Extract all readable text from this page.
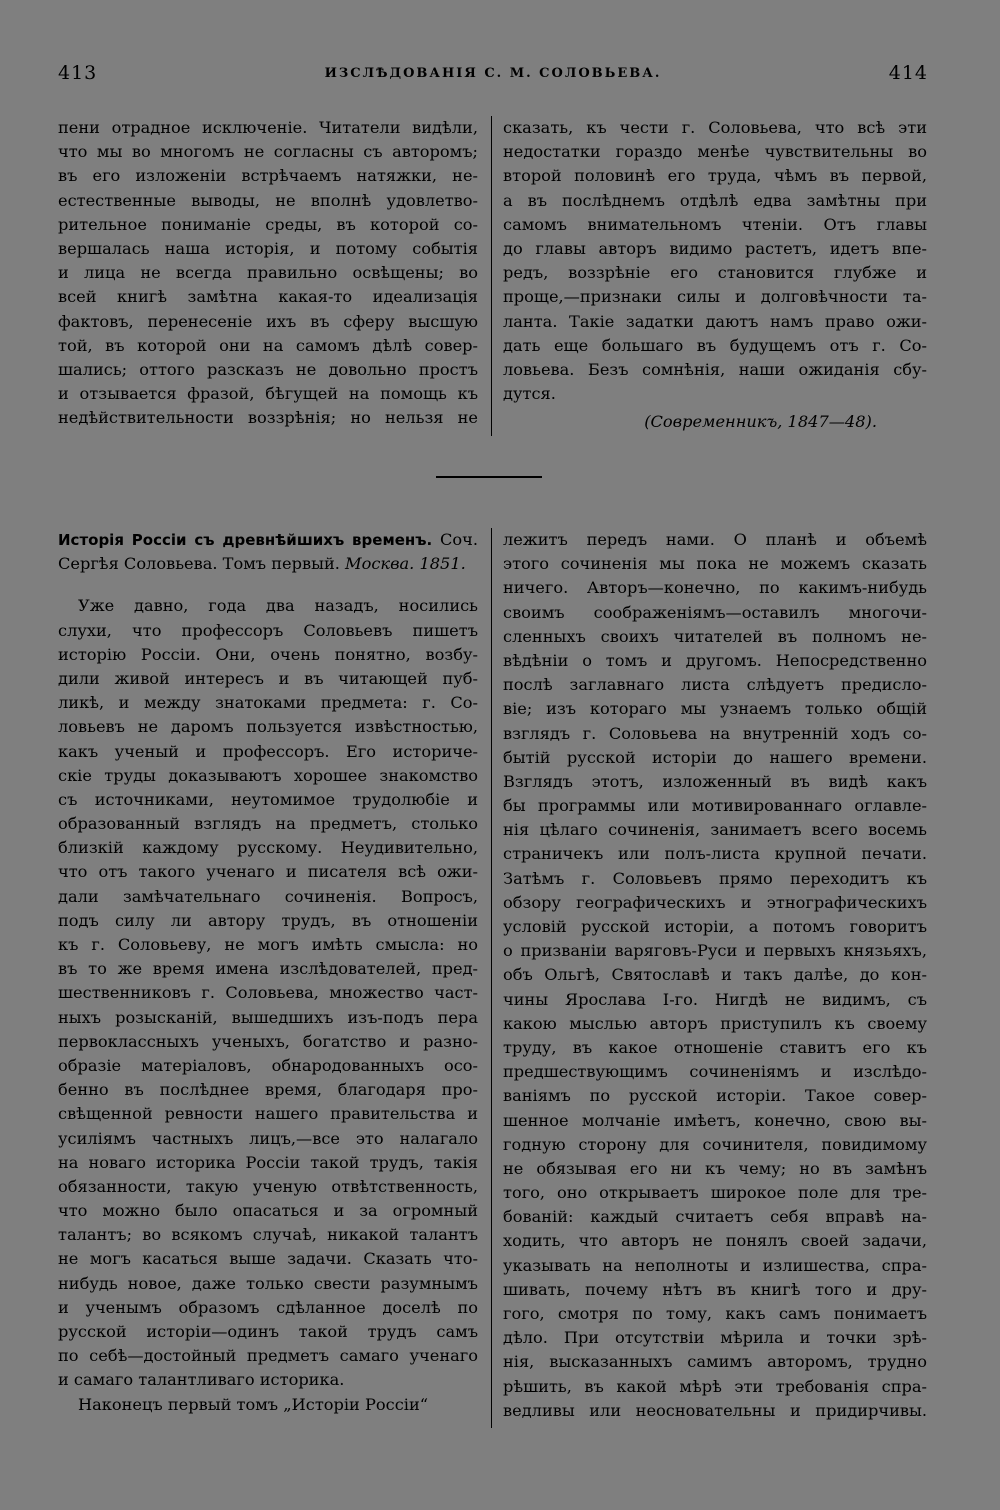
413	ИЗСЛѢДОВАНІЯ С. М. СОЛОВЬЕВА.	414
пени отрадное исключеніе. Читатели видѣли,
что мы во многомъ не согласны съ авторомъ;
въ его изложеніи встрѣчаемъ натяжки, не-
естественные выводы, не вполнѣ удовлетво-
рительное пониманіе среды, въ которой со-
вершалась наша исторія, и потому событія
и лица не всегда правильно освѣщены; во
всей книгѣ замѣтна какая-то идеализація
фактовъ, перенесеніе ихъ въ сферу высшую
той, въ которой они на самомъ дѣлѣ совер-
шались; оттого разсказъ не довольно простъ
и отзывается фразой, бѣгущей на помощь къ
недѣйствительности воззрѣнія; но нельзя не
сказать, къ чести г. Соловьева, что всѣ эти
недостатки гораздо менѣе чувствительны во
второй половинѣ его труда, чѣмъ въ первой,
а въ послѣднемъ отдѣлѣ едва замѣтны при
самомъ внимательномъ чтеніи. Отъ главы
до главы авторъ видимо растетъ, идетъ впе-
редъ, воззрѣніе его становится глубже и
проще,—признаки силы и долговѣчности та-
ланта. Такіе задатки даютъ намъ право ожи-
дать еще большаго въ будущемъ отъ г. Со-
ловьева. Безъ сомнѣнія, наши ожиданія сбу-
дутся.
(Современникъ, 1847—48).
Исторія Россіи съ древнѣйшихъ временъ. Соч.
Сергѣя Соловьева. Томъ первый. Москва. 1851.
Уже давно, года два назадъ, носились
слухи, что профессоръ Соловьевъ пишетъ
исторію Россіи. Они, очень понятно, возбу-
дили живой интересъ и въ читающей пуб-
ликѣ, и между знатоками предмета: г. Со-
ловьевъ не даромъ пользуется извѣстностью,
какъ ученый и профессоръ. Его историче-
скіе труды доказываютъ хорошее знакомство
съ источниками, неутомимое трудолюбіе и
образованный взглядъ на предметъ, столько
близкій каждому русскому. Неудивительно,
что отъ такого ученаго и писателя всѣ ожи-
дали замѣчательнаго сочиненія. Вопросъ,
подъ силу ли автору трудъ, въ отношеніи
къ г. Соловьеву, не могъ имѣть смысла: но
въ то же время имена изслѣдователей, пред-
шественниковъ г. Соловьева, множество част-
ныхъ розысканій, вышедшихъ изъ-подъ пера
первоклассныхъ ученыхъ, богатство и разно-
образіе матеріаловъ, обнародованныхъ осо-
бенно въ послѣднее время, благодаря про-
свѣщенной ревности нашего правительства и
усиліямъ частныхъ лицъ,—все это налагало
на новаго историка Россіи такой трудъ, такія
обязанности, такую ученую отвѣтственность,
что можно было опасаться и за огромный
талантъ; во всякомъ случаѣ, никакой талантъ
не могъ касаться выше задачи. Сказать что-
нибудь новое, даже только свести разумнымъ
и ученымъ образомъ сдѣланное доселѣ по
русской исторіи—одинъ такой трудъ самъ
по себѣ—достойный предметъ самаго ученаго
и самаго талантливаго историка.
Наконецъ первый томъ „Исторіи Россіи“
лежитъ передъ нами. О планѣ и объемѣ
этого сочиненія мы пока не можемъ сказать
ничего. Авторъ—конечно, по какимъ-нибудь
своимъ соображеніямъ—оставилъ многочи-
сленныхъ своихъ читателей въ полномъ не-
вѣдѣніи о томъ и другомъ. Непосредственно
послѣ заглавнаго листа слѣдуетъ предисло-
віе; изъ котораго мы узнаемъ только общій
взглядъ г. Соловьева на внутренній ходъ со-
бытій русской исторіи до нашего времени.
Взглядъ этотъ, изложенный въ видѣ какъ
бы программы или мотивированнаго оглавле-
нія цѣлаго сочиненія, занимаетъ всего восемь
страничекъ или полъ-листа крупной печати.
Затѣмъ г. Соловьевъ прямо переходитъ къ
обзору географическихъ и этнографическихъ
условій русской исторіи, а потомъ говоритъ
о призваніи варяговъ-Руси и первыхъ князьяхъ,
объ Ольгѣ, Святославѣ и такъ далѣе, до кон-
чины Ярослава I-го. Нигдѣ не видимъ, съ
какою мыслью авторъ приступилъ къ своему
труду, въ какое отношеніе ставитъ его къ
предшествующимъ сочиненіямъ и изслѣдо-
ваніямъ по русской исторіи. Такое совер-
шенное молчаніе имѣетъ, конечно, свою вы-
годную сторону для сочинителя, повидимому
не обязывая его ни къ чему; но въ замѣнъ
того, оно открываетъ широкое поле для тре-
бованій: каждый считаетъ себя вправѣ на-
ходить, что авторъ не понялъ своей задачи,
указывать на неполноты и излишества, спра-
шивать, почему нѣтъ въ книгѣ того и дру-
гого, смотря по тому, какъ самъ понимаетъ
дѣло. При отсутствіи мѣрила и точки зрѣ-
нія, высказанныхъ самимъ авторомъ, трудно
рѣшить, въ какой мѣрѣ эти требованія спра-
ведливы или неосновательны и придирчивы.
